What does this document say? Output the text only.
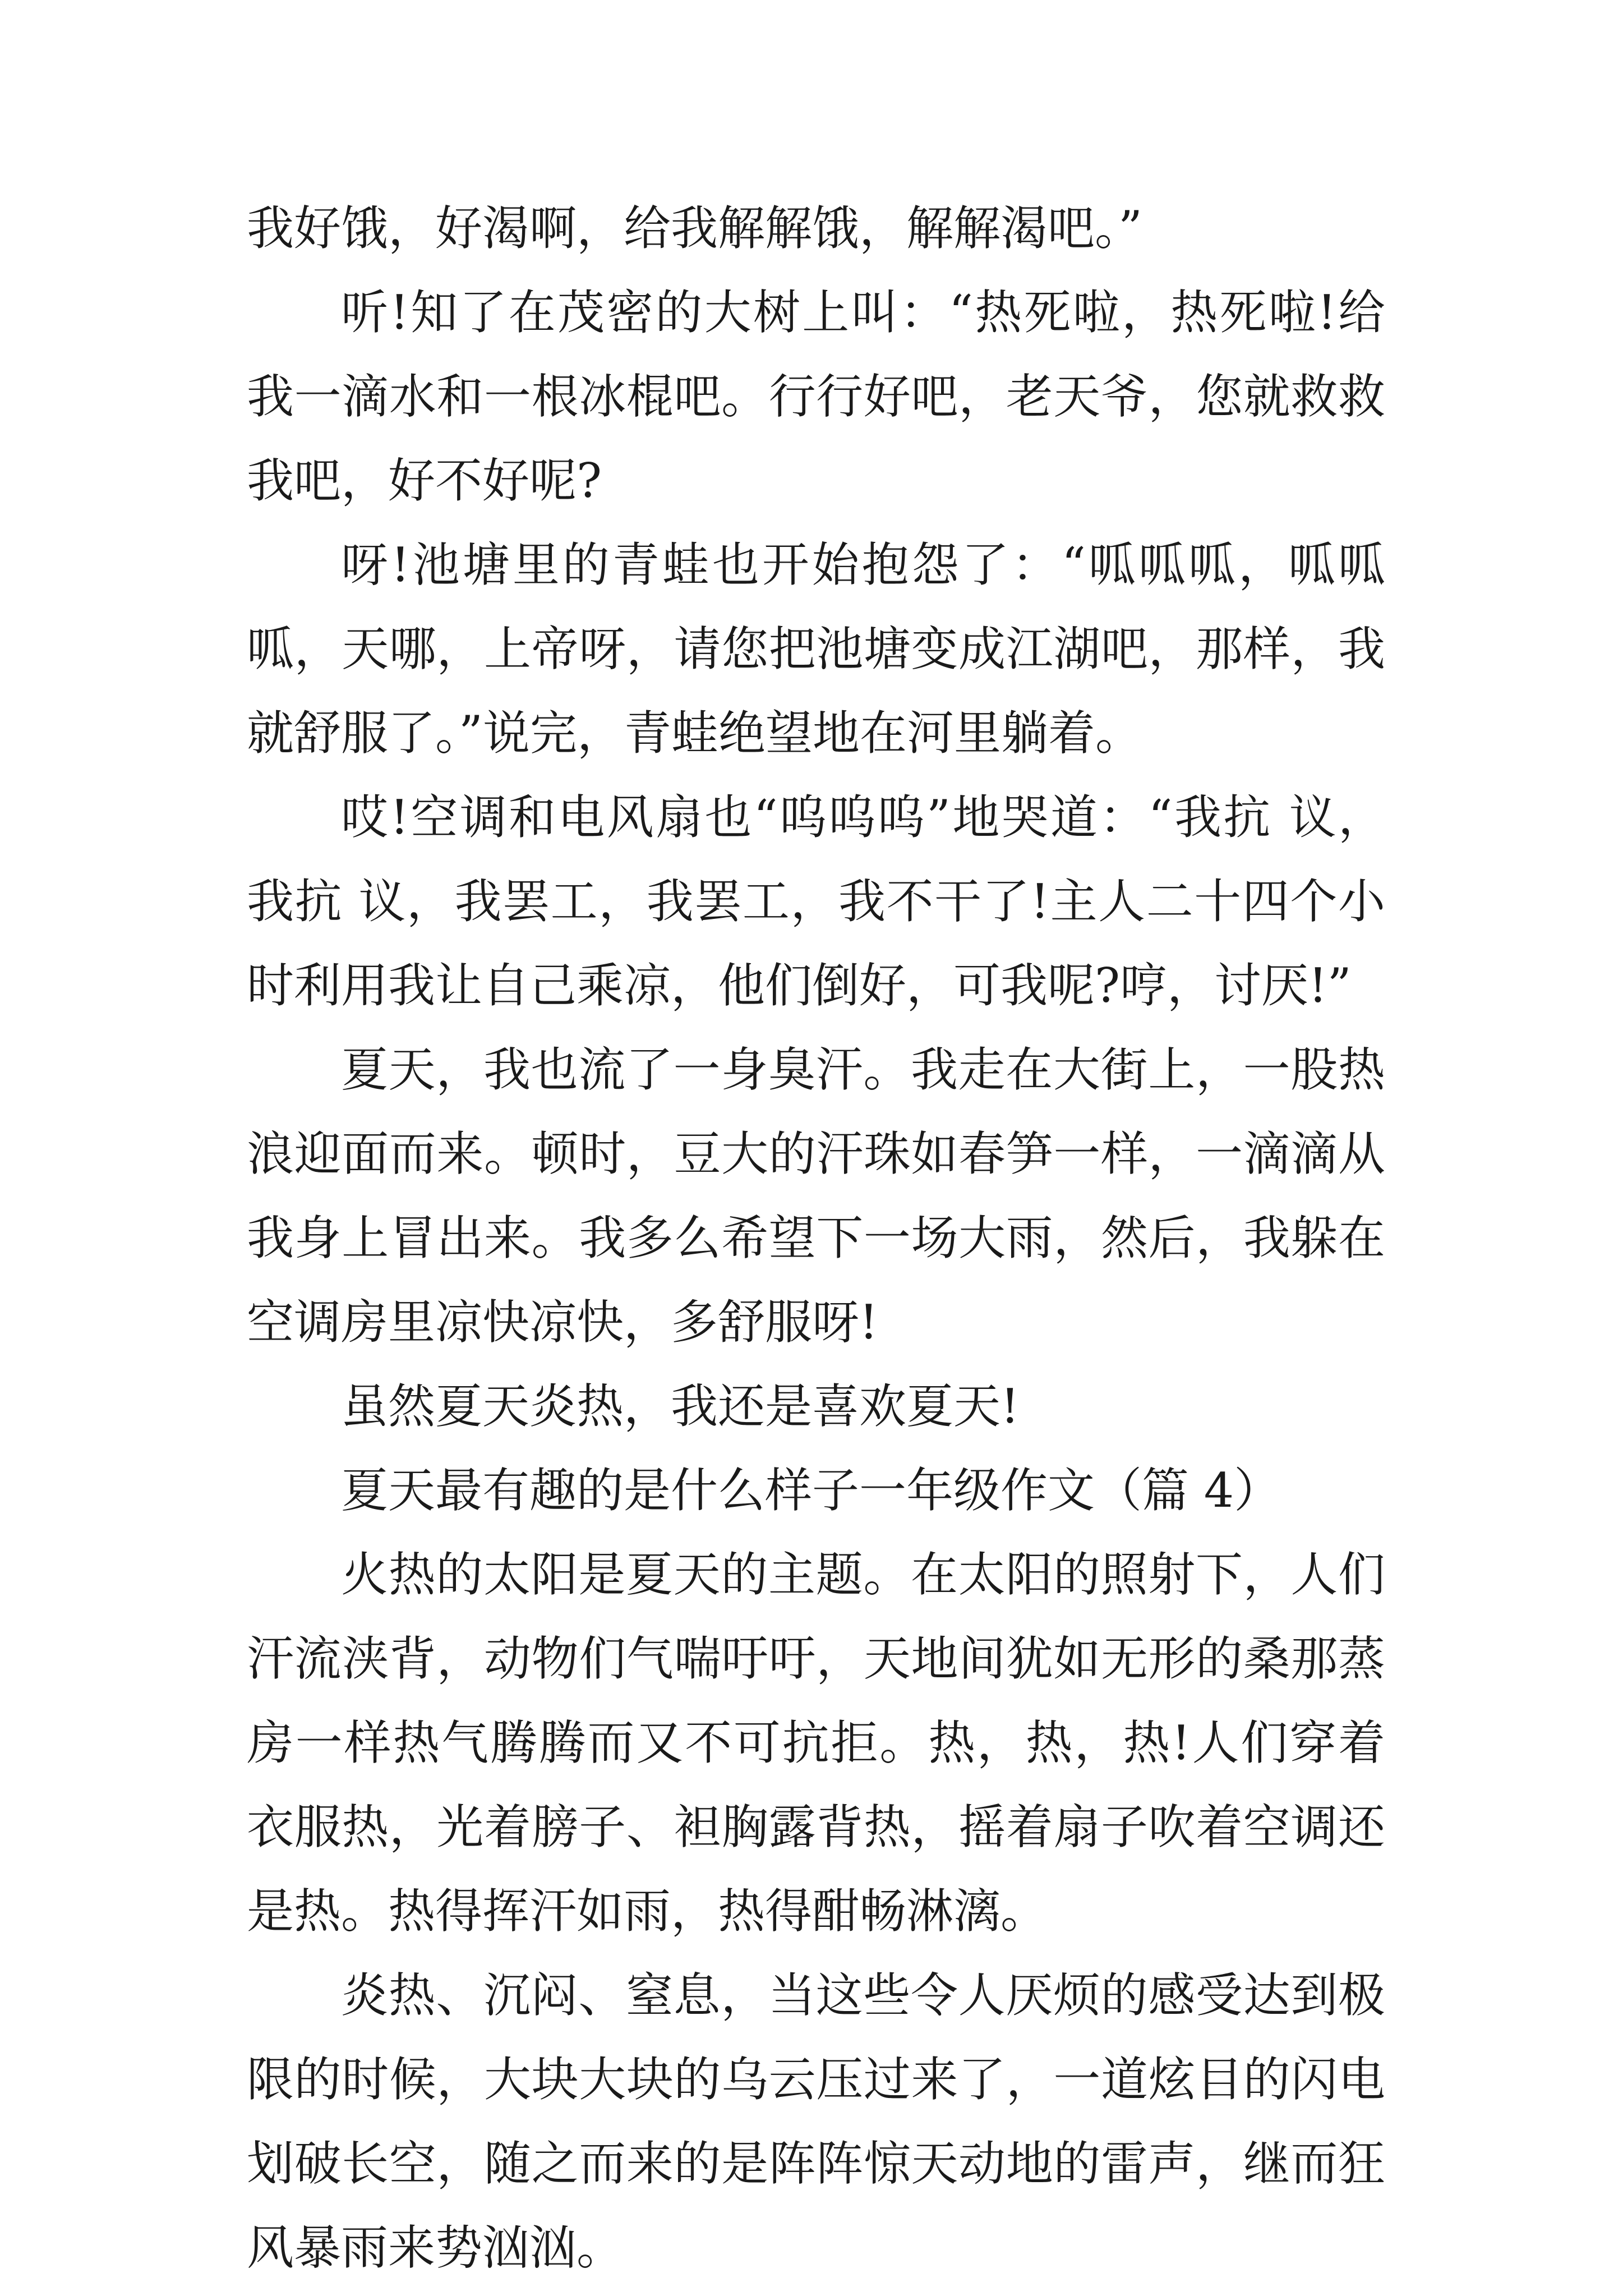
我好饿，好渴啊，给我解解饿，解解渴吧。”

听!知了在茂密的大树上叫：“热死啦，热死啦!给我一滴水和一根冰棍吧。行行好吧，老天爷，您就救救我吧，好不好呢?

呀!池塘里的青蛙也开始抱怨了：“呱呱呱，呱呱呱，天哪，上帝呀，请您把池塘变成江湖吧，那样，我就舒服了。”说完，青蛙绝望地在河里躺着。

哎!空调和电风扇也“呜呜呜”地哭道：“我抗 议，我抗 议，我罢工，我罢工，我不干了!主人二十四个小时利用我让自己乘凉，他们倒好，可我呢?哼，讨厌!”

夏天，我也流了一身臭汗。我走在大街上，一股热浪迎面而来。顿时，豆大的汗珠如春笋一样，一滴滴从我身上冒出来。我多么希望下一场大雨，然后，我躲在空调房里凉快凉快，多舒服呀!

虽然夏天炎热，我还是喜欢夏天!

夏天最有趣的是什么样子一年级作文（篇 4）

火热的太阳是夏天的主题。在太阳的照射下，人们汗流浃背，动物们气喘吁吁，天地间犹如无形的桑那蒸房一样热气腾腾而又不可抗拒。热，热，热!人们穿着衣服热，光着膀子、袒胸露背热，摇着扇子吹着空调还是热。热得挥汗如雨，热得酣畅淋漓。

炎热、沉闷、窒息，当这些令人厌烦的感受达到极限的时候，大块大块的乌云压过来了，一道炫目的闪电划破长空，随之而来的是阵阵惊天动地的雷声，继而狂风暴雨来势汹汹。
